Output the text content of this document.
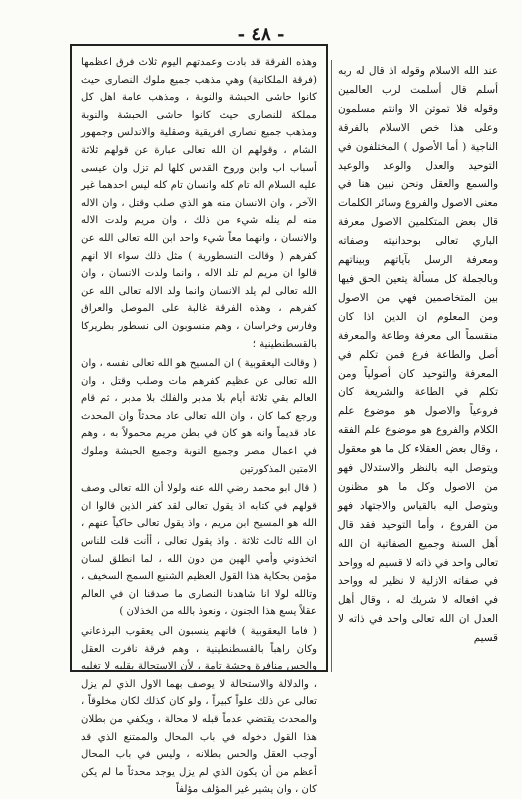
- ٤٨ -

وهذه الفرقة قد بادت وعمدتهم اليوم ثلاث فرق اعظمها (فرقة الملكانية) وهي مذهب جميع ملوك النصارى حيث كانوا حاشى الحبشة والنوبة ، ومذهب عامة اهل كل مملكة للنصارى حيث كانوا حاشى الحبشة والنوبة ومذهب جميع نصارى افريقية وصقلية والاندلس وجمهور الشام ، وقولهم ان الله تعالى عبارة عن قولهم ثلاثة أسباب اب وابن وروح القدس كلها لم تزل وان عيسى عليه السلام اله تام كله وانسان تام كله ليس احدهما غير الآخر ، وان الانسان منه هو الذي صلب وقتل ، وان الاله منه لم ينله شيء من ذلك ، وان مريم ولدت الاله والانسان ، وانهما معاً شيء واحد ابن الله تعالى الله عن كفرهم ( وقالت النسطورية ) مثل ذلك سواء الا انهم قالوا ان مريم لم تلد الاله ، وانما ولدت الانسان ، وان الله تعالى لم يلد الانسان وانما ولد الاله تعالى الله عن كفرهم ، وهذه الفرقة غالبة على الموصل والعراق وفارس وخراسان ، وهم منسوبون الى نسطور بطريركا بالقسطنطينية ؛

( وقالت اليعقوبية ) ان المسيح هو الله تعالى نفسه ، وان الله تعالى عن عظيم كفرهم مات وصلب وقتل ، وان العالم بقي ثلاثة أيام بلا مدبر والفلك بلا مدبر ، ثم قام ورجع كما كان ، وان الله تعالى عاد محدثاً وان المحدث عاد قديماً وانه هو كان في بطن مريم محمولاً به ، وهم في اعمال مصر وجميع النوبة وجميع الحبشة وملوك الامتين المذكورتين

( قال ابو محمد رضي الله عنه ولولا أن الله تعالى وصف قولهم في كتابه اذ يقول تعالى لقد كفر الذين قالوا ان الله هو المسيح ابن مريم ، واذ يقول تعالى حاكياً عنهم ، ان الله ثالث ثلاثة . واذ يقول تعالى ، أأنت قلت للناس اتخذوني وأمي الهين من دون الله ، لما انطلق لسان مؤمن بحكاية هذا القول العظيم الشنيع السمج السخيف ، وتالله لولا انا شاهدنا النصارى ما صدقنا ان في العالم عقلاً يسع هذا الجنون ، ونعوذ بالله من الخذلان )

( فاما اليعقوبية ) فانهم ينسبون الى يعقوب البرذعاني وكان راهباً بالقسطنطينية ، وهم فرقة نافرت العقل والحس منافرة وحشة تامة ، لأن الاستحالة بقلبه لا تغلبه ، والدلالة والاستحالة لا يوصف بهما الاول الذي لم يزل تعالى عن ذلك علواً كبيراً ، ولو كان كذلك لكان مخلوقاً ، والمحدث يقتضي عدماً قبله لا محالة ، ويكفي من بطلان هذا القول دخوله في باب المحال والممتنع الذي قد أوجب العقل والحس بطلانه ، وليس في باب المحال أعظم من أن يكون الذي لم يزل يوجد محدثاً ما لم يكن كان ، وان يشير غير المؤلف مؤلفاً

عند الله الاسلام وقوله اذ قال له ربه أسلم قال أسلمت لرب العالمين وقوله فلا تموتن الا وانتم مسلمون وعلى هذا خص الاسلام بالفرقة الناجية ( أما الأصول ) المختلفون في التوحيد والعدل والوعد والوعيد والسمع والعقل ونحن نبين هنا في معنى الاصول والفروع وسائر الكلمات قال بعض المتكلمين الاصول معرفة الباري تعالى بوحدانيته وصفاته ومعرفة الرسل بآياتهم وبيناتهم وبالجملة كل مسألة يتعين الحق فيها بين المتخاصمين فهي من الاصول ومن المعلوم ان الدين اذا كان منقسماً الى معرفة وطاعة والمعرفة أصل والطاعة فرع فمن تكلم في المعرفة والتوحيد كان أصولياً ومن تكلم في الطاعة والشريعة كان فروعياً والاصول هو موضوع علم الكلام والفروع هو موضوع علم الفقه ، وقال بعض العقلاء كل ما هو معقول ويتوصل اليه بالنظر والاستدلال فهو من الاصول وكل ما هو مظنون ويتوصل اليه بالقياس والاجتهاد فهو من الفروع ، وأما التوحيد فقد قال أهل السنة وجميع الصفاتية ان الله تعالى واحد في ذاته لا قسيم له وواحد في صفاته الازلية لا نظير له وواحد في افعاله لا شريك له ، وقال أهل العدل ان الله تعالى واحد في ذاته لا قسيم
